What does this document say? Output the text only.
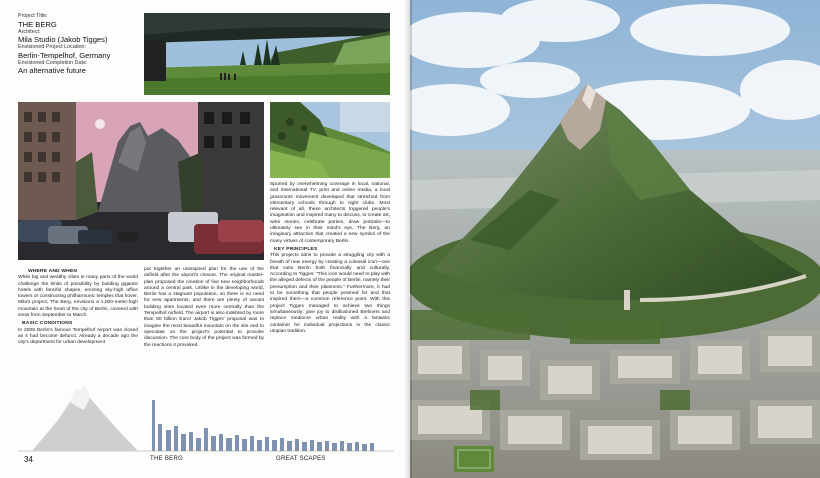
Project Title:
THE BERG
Architect:
Mila Studio (Jakob Tigges)
Envisioned Project Location:
Berlin-Tempelhof, Germany
Envisioned Completion Date:
An alternative future
WHERE AND WHEN

While big and wealthy cities in many parts of the world challenge the limits of possibility by building gigantic hotels with fanciful shapes, erecting sky-high office towers or constructing philharmonic temples that hover, Mila's project, The Berg, envisions a 1,000-meter-high mountain at the heart of the city of Berlin, covered with snow from September to March.

BASIC CONDITIONS

In 2008 Berlin's famous Tempelhof Airport was closed as it had become defunct. Already a decade ago the city's department for urban development

put together an uninspired plan for the use of the airfield after the airport's closure. The original master-plan proposed the creation of five new neighborhoods around a central park. Unlike in the developing world, Berlin has a stagnant population, so there is no need for new apartments, and there are plenty of vacant building sites located even more centrally than the Tempelhof Airfield. The airport is also indebted by more than 80 billion Euro! Jakob Tigges' proposal was to imagine the most beautiful mountain on the site and to speculate on the project's potential to provoke discussion. The core body of the project was formed by the reactions it provoked.

Spurred by overwhelming coverage in local, national, and international TV, print and online media, a local grassroots movement developed that stretched from elementary schools through to night clubs. Most relevant of all, these architects triggered people's imagination and inspired many to discuss, to create art, write stories, celebrate parties, draw portraits—to ultimately see in their mind's eye, The Berg, an imaginary attraction that created a new symbol of the many virtues of contemporary Berlin.

KEY PRINCIPLES

This projects aims to provide a struggling city with a breath of new energy by creating a colossal icon—one that suits Berlin both financially and culturally. According to Tigges: "This icon would need to play with the alleged defects of the people of Berlin, namely their presumption and their plainness." Furthermore, it had to be something that people yearned for and that inspired them—a common reference point. With this project Tigges managed to achieve two things simultaneously: give joy to disillusioned Berliners and replace mediocre urban reality with a fantastic container for individual projections in the classic utopian tradition.

34	THE BERG	GREAT SCAPES
